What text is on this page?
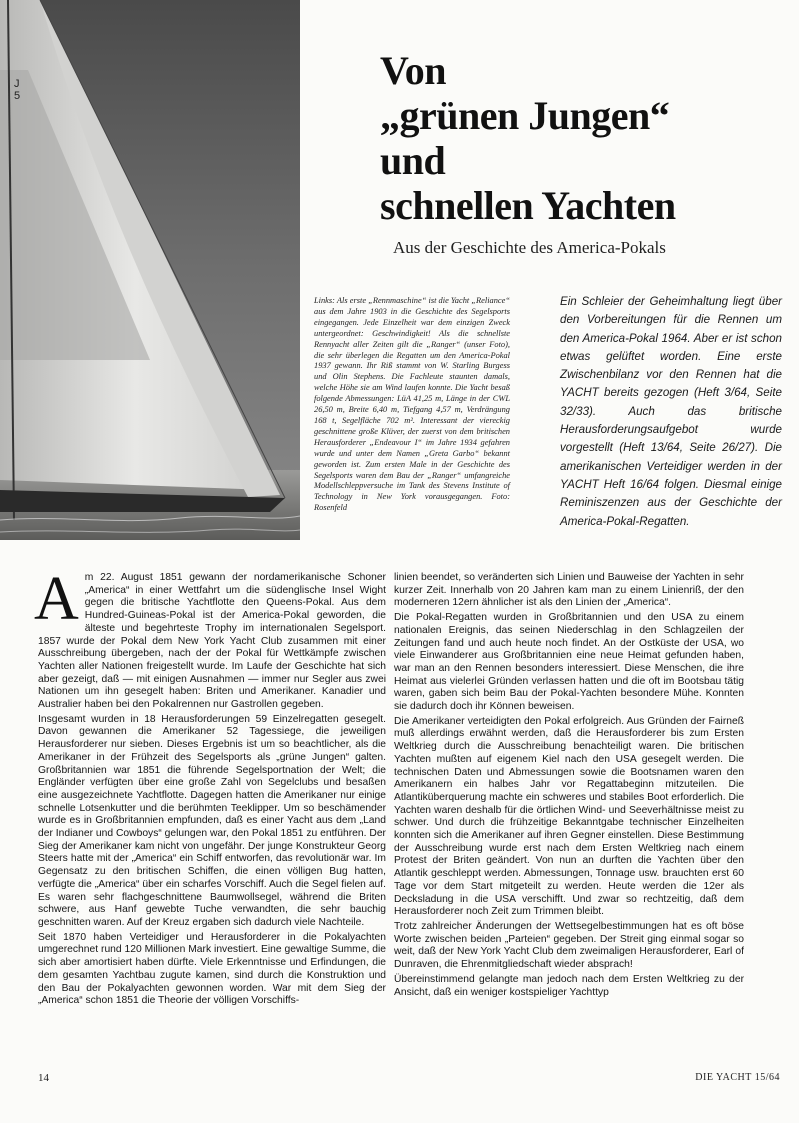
J
5
Von
„grünen Jungen“
und
schnellen Yachten
Aus der Geschichte des America-Pokals

Links: Als erste „Rennmaschine“ ist die Yacht „Reliance“ aus dem Jahre 1903 in die Geschichte des Segelsports eingegangen. Jede Einzelheit war dem einzigen Zweck untergeordnet: Geschwindigkeit! Als die schnellste Rennyacht aller Zeiten gilt die „Ranger“ (unser Foto), die sehr überlegen die Regatten um den America-Pokal 1937 gewann. Ihr Riß stammt von W. Starling Burgess und Olin Stephens. Die Fachleute staunten damals, welche Höhe sie am Wind laufen konnte. Die Yacht besaß folgende Abmessungen: LüA 41,25 m, Länge in der CWL 26,50 m, Breite 6,40 m, Tiefgang 4,57 m, Verdrängung 168 t, Segelfläche 702 m². Interessant der viereckig geschnittene große Klüver, der zuerst von dem britischen Herausforderer „Endeavour I“ im Jahre 1934 gefahren wurde und unter dem Namen „Greta Garbo“ bekannt geworden ist. Zum ersten Male in der Geschichte des Segelsports waren dem Bau der „Ranger“ umfangreiche Modellschleppversuche im Tank des Stevens Institute of Technology in New York vorausgegangen. Foto: Rosenfeld

Ein Schleier der Geheimhaltung liegt über den Vorbereitungen für die Rennen um den America-Pokal 1964. Aber er ist schon etwas gelüftet worden. Eine erste Zwischenbilanz vor den Rennen hat die YACHT bereits gezogen (Heft 3/64, Seite 32/33). Auch das britische Herausforderungsaufgebot wurde vorgestellt (Heft 13/64, Seite 26/27). Die amerikanischen Verteidiger werden in der YACHT Heft 16/64 folgen. Diesmal einige Reminiszenzen aus der Geschichte der America-Pokal-Regatten.

Am 22. August 1851 gewann der nordamerikanische Schoner „America“ in einer Wettfahrt um die südenglische Insel Wight gegen die britische Yachtflotte den Queens-Pokal. Aus dem Hundred-Guineas-Pokal ist der America-Pokal geworden, die älteste und begehrteste Trophy im internationalen Segelsport. 1857 wurde der Pokal dem New York Yacht Club zusammen mit einer Ausschreibung übergeben, nach der der Pokal für Wettkämpfe zwischen Yachten aller Nationen freigestellt wurde. Im Laufe der Geschichte hat sich aber gezeigt, daß — mit einigen Ausnahmen — immer nur Segler aus zwei Nationen um ihn gesegelt haben: Briten und Amerikaner. Kanadier und Australier haben bei den Pokalrennen nur Gastrollen gegeben.

Insgesamt wurden in 18 Herausforderungen 59 Einzelregatten gesegelt. Davon gewannen die Amerikaner 52 Tagessiege, die jeweiligen Herausforderer nur sieben. Dieses Ergebnis ist um so beachtlicher, als die Amerikaner in der Frühzeit des Segelsports als „grüne Jungen“ galten. Großbritannien war 1851 die führende Segelsportnation der Welt; die Engländer verfügten über eine große Zahl von Segelclubs und besaßen eine ausgezeichnete Yachtflotte. Dagegen hatten die Amerikaner nur einige schnelle Lotsenkutter und die berühmten Teeklipper. Um so beschämender wurde es in Großbritannien empfunden, daß es einer Yacht aus dem „Land der Indianer und Cowboys“ gelungen war, den Pokal 1851 zu entführen. Der Sieg der Amerikaner kam nicht von ungefähr. Der junge Konstrukteur Georg Steers hatte mit der „America“ ein Schiff entworfen, das revolutionär war. Im Gegensatz zu den britischen Schiffen, die einen völligen Bug hatten, verfügte die „America“ über ein scharfes Vorschiff. Auch die Segel fielen auf. Es waren sehr flachgeschnittene Baumwollsegel, während die Briten schwere, aus Hanf gewebte Tuche verwandten, die sehr bauchig geschnitten waren. Auf der Kreuz ergaben sich dadurch viele Nachteile.

Seit 1870 haben Verteidiger und Herausforderer in die Pokalyachten umgerechnet rund 120 Millionen Mark investiert. Eine gewaltige Summe, die sich aber amortisiert haben dürfte. Viele Erkenntnisse und Erfindungen, die dem gesamten Yachtbau zugute kamen, sind durch die Konstruktion und den Bau der Pokalyachten gewonnen worden. War mit dem Sieg der „America“ schon 1851 die Theorie der völligen Vorschiffs-

linien beendet, so veränderten sich Linien und Bauweise der Yachten in sehr kurzer Zeit. Innerhalb von 20 Jahren kam man zu einem Linienriß, der den moderneren 12ern ähnlicher ist als den Linien der „America“.

Die Pokal-Regatten wurden in Großbritannien und den USA zu einem nationalen Ereignis, das seinen Niederschlag in den Schlagzeilen der Zeitungen fand und auch heute noch findet. An der Ostküste der USA, wo viele Einwanderer aus Großbritannien eine neue Heimat gefunden haben, war man an den Rennen besonders interessiert. Diese Menschen, die ihre Heimat aus vielerlei Gründen verlassen hatten und die oft im Bootsbau tätig waren, gaben sich beim Bau der Pokal-Yachten besondere Mühe. Konnten sie dadurch doch ihr Können beweisen.

Die Amerikaner verteidigten den Pokal erfolgreich. Aus Gründen der Fairneß muß allerdings erwähnt werden, daß die Herausforderer bis zum Ersten Weltkrieg durch die Ausschreibung benachteiligt waren. Die britischen Yachten mußten auf eigenem Kiel nach den USA gesegelt werden. Die technischen Daten und Abmessungen sowie die Bootsnamen waren den Amerikanern ein halbes Jahr vor Regattabeginn mitzuteilen. Die Atlantiküberquerung machte ein schweres und stabiles Boot erforderlich. Die Yachten waren deshalb für die örtlichen Wind- und Seeverhältnisse meist zu schwer. Und durch die frühzeitige Bekanntgabe technischer Einzelheiten konnten sich die Amerikaner auf ihren Gegner einstellen. Diese Bestimmung der Ausschreibung wurde erst nach dem Ersten Weltkrieg nach einem Protest der Briten geändert. Von nun an durften die Yachten über den Atlantik geschleppt werden. Abmessungen, Tonnage usw. brauchten erst 60 Tage vor dem Start mitgeteilt zu werden. Heute werden die 12er als Decksladung in die USA verschifft. Und zwar so rechtzeitig, daß dem Herausforderer noch Zeit zum Trimmen bleibt.

Trotz zahlreicher Änderungen der Wettsegelbestimmungen hat es oft böse Worte zwischen beiden „Parteien“ gegeben. Der Streit ging einmal sogar so weit, daß der New York Yacht Club dem zweimaligen Herausforderer, Earl of Dunraven, die Ehrenmitgliedschaft wieder absprach!

Übereinstimmend gelangte man jedoch nach dem Ersten Weltkrieg zu der Ansicht, daß ein weniger kostspieliger Yachttyp

14	DIE YACHT 15/64
